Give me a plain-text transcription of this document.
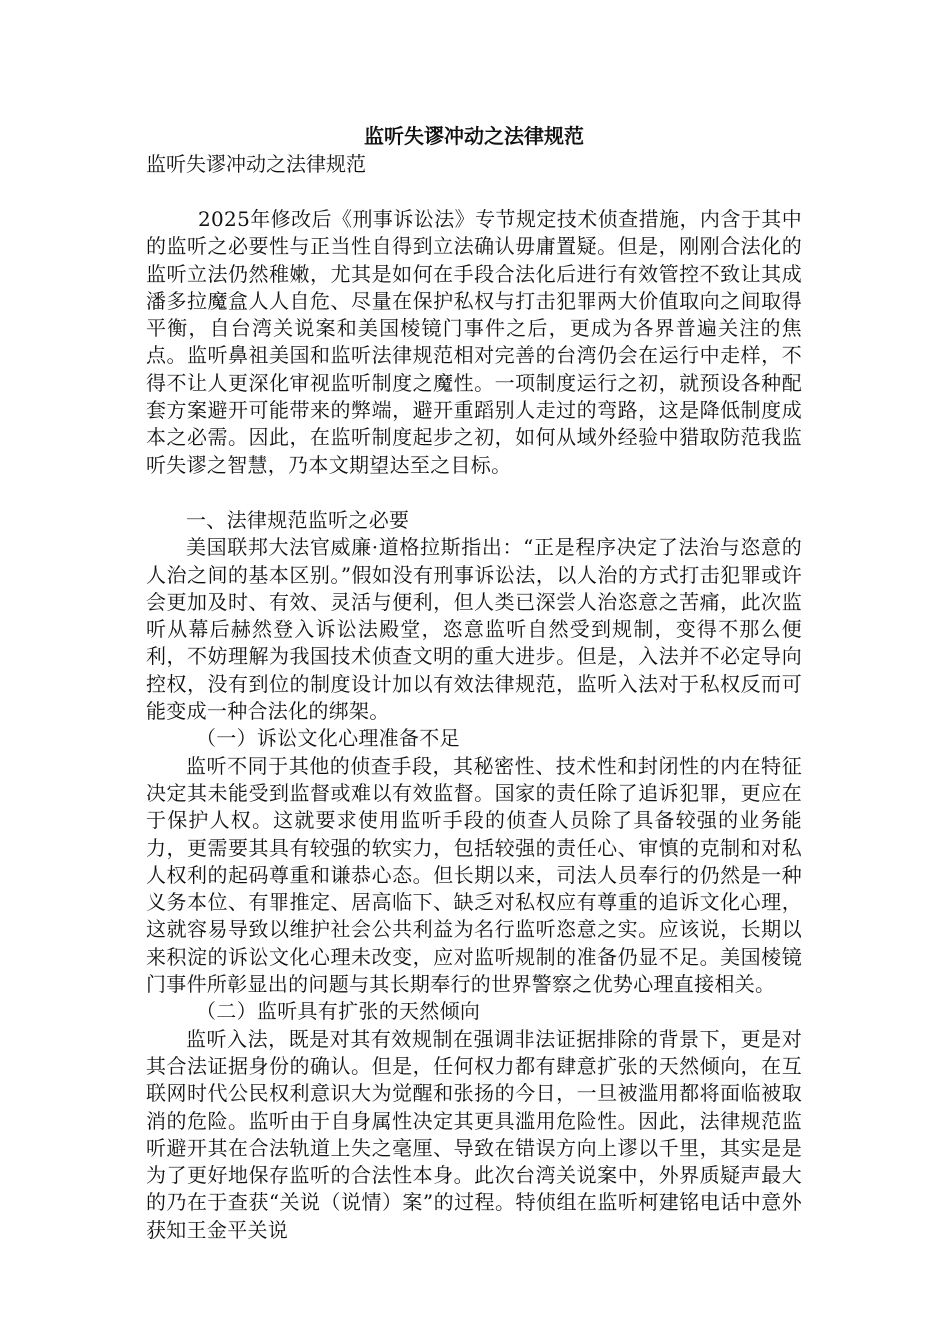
监听失谬冲动之法律规范

监听失谬冲动之法律规范

2025年修改后《刑事诉讼法》专节规定技术侦查措施，内含于其中的监听之必要性与正当性自得到立法确认毋庸置疑。但是，刚刚合法化的监听立法仍然稚嫩，尤其是如何在手段合法化后进行有效管控不致让其成潘多拉魔盒人人自危、尽量在保护私权与打击犯罪两大价值取向之间取得平衡，自台湾关说案和美国棱镜门事件之后，更成为各界普遍关注的焦点。监听鼻祖美国和监听法律规范相对完善的台湾仍会在运行中走样，不得不让人更深化审视监听制度之魔性。一项制度运行之初，就预设各种配套方案避开可能带来的弊端，避开重蹈别人走过的弯路，这是降低制度成本之必需。因此，在监听制度起步之初，如何从域外经验中猎取防范我监听失谬之智慧，乃本文期望达至之目标。

一、法律规范监听之必要

美国联邦大法官威廉·道格拉斯指出：“正是程序决定了法治与恣意的人治之间的基本区别。”假如没有刑事诉讼法，以人治的方式打击犯罪或许会更加及时、有效、灵活与便利，但人类已深尝人治恣意之苦痛，此次监听从幕后赫然登入诉讼法殿堂，恣意监听自然受到规制，变得不那么便利，不妨理解为我国技术侦查文明的重大进步。但是，入法并不必定导向控权，没有到位的制度设计加以有效法律规范，监听入法对于私权反而可能变成一种合法化的绑架。

（一）诉讼文化心理准备不足

监听不同于其他的侦查手段，其秘密性、技术性和封闭性的内在特征决定其未能受到监督或难以有效监督。国家的责任除了追诉犯罪，更应在于保护人权。这就要求使用监听手段的侦查人员除了具备较强的业务能力，更需要其具有较强的软实力，包括较强的责任心、审慎的克制和对私人权利的起码尊重和谦恭心态。但长期以来，司法人员奉行的仍然是一种义务本位、有罪推定、居高临下、缺乏对私权应有尊重的追诉文化心理，这就容易导致以维护社会公共利益为名行监听恣意之实。应该说，长期以来积淀的诉讼文化心理未改变，应对监听规制的准备仍显不足。美国棱镜门事件所彰显出的问题与其长期奉行的世界警察之优势心理直接相关。

（二）监听具有扩张的天然倾向

监听入法，既是对其有效规制在强调非法证据排除的背景下，更是对其合法证据身份的确认。但是，任何权力都有肆意扩张的天然倾向，在互联网时代公民权利意识大为觉醒和张扬的今日，一旦被滥用都将面临被取消的危险。监听由于自身属性决定其更具滥用危险性。因此，法律规范监听避开其在合法轨道上失之毫厘、导致在错误方向上谬以千里，其实是是为了更好地保存监听的合法性本身。此次台湾关说案中，外界质疑声最大的乃在于查获“关说（说情）案”的过程。特侦组在监听柯建铭电话中意外获知王金平关说
